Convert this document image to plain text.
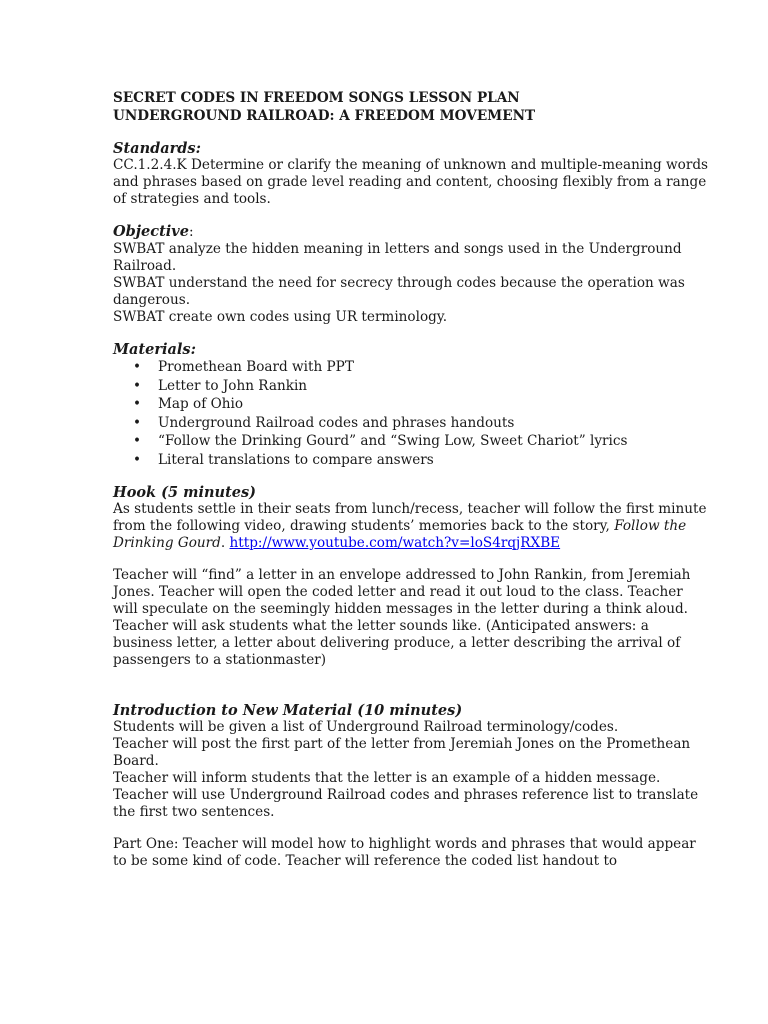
SECRET CODES IN FREEDOM SONGS LESSON PLAN
UNDERGROUND RAILROAD: A FREEDOM MOVEMENT
Standards:

CC.1.2.4.K Determine or clarify the meaning of unknown and multiple-meaning words and phrases based on grade level reading and content, choosing flexibly from a range of strategies and tools.

Objective:

SWBAT analyze the hidden meaning in letters and songs used in the Underground Railroad.

SWBAT understand the need for secrecy through codes because the operation was dangerous.

SWBAT create own codes using UR terminology.

Materials:
• Promethean Board with PPT
• Letter to John Rankin
• Map of Ohio
• Underground Railroad codes and phrases handouts
• “Follow the Drinking Gourd” and “Swing Low, Sweet Chariot” lyrics
• Literal translations to compare answers
Hook (5 minutes)

As students settle in their seats from lunch/recess, teacher will follow the first minute from the following video, drawing students’ memories back to the story, Follow the Drinking Gourd. http://www.youtube.com/watch?v=loS4rqjRXBE

Teacher will “find” a letter in an envelope addressed to John Rankin, from Jeremiah Jones. Teacher will open the coded letter and read it out loud to the class. Teacher will speculate on the seemingly hidden messages in the letter during a think aloud.

Teacher will ask students what the letter sounds like. (Anticipated answers: a business letter, a letter about delivering produce, a letter describing the arrival of passengers to a stationmaster)

Introduction to New Material (10 minutes)

Students will be given a list of Underground Railroad terminology/codes.

Teacher will post the first part of the letter from Jeremiah Jones on the Promethean Board.

Teacher will inform students that the letter is an example of a hidden message.

Teacher will use Underground Railroad codes and phrases reference list to translate the first two sentences.

Part One: Teacher will model how to highlight words and phrases that would appear to be some kind of code. Teacher will reference the coded list handout to
